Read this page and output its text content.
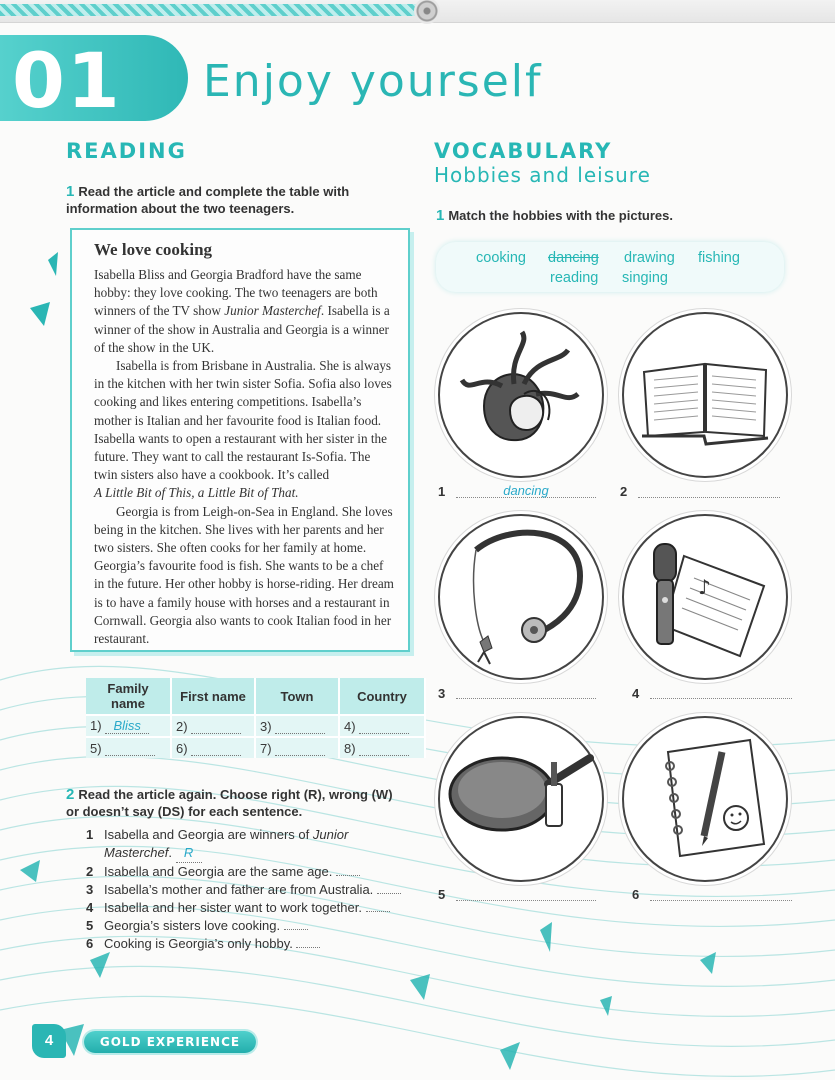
01 Enjoy yourself
READING
1 Read the article and complete the table with information about the two teenagers.
We love cooking

Isabella Bliss and Georgia Bradford have the same hobby: they love cooking. The two teenagers are both winners of the TV show Junior Masterchef. Isabella is a winner of the show in Australia and Georgia is a winner of the show in the UK.

Isabella is from Brisbane in Australia. She is always in the kitchen with her twin sister Sofia. Sofia also loves cooking and likes entering competitions. Isabella’s mother is Italian and her favourite food is Italian food. Isabella wants to open a restaurant with her sister in the future. They want to call the restaurant Is-Sofia. The twin sisters also have a cookbook. It’s called
A Little Bit of This, a Little Bit of That.

Georgia is from Leigh-on-Sea in England. She loves being in the kitchen. She lives with her parents and her two sisters. She often cooks for her family at home. Georgia’s favourite food is fish. She wants to be a chef in the future. Her other hobby is horse-riding. Her dream is to have a family house with horses and a restaurant in Cornwall. Georgia also wants to cook Italian food in her restaurant.

Family name	First name	Town	Country
1) Bliss	2)	3)	4)
5)	6)	7)	8)
2 Read the article again. Choose right (R), wrong (W) or doesn’t say (DS) for each sentence.
1 Isabella and Georgia are winners of Junior Masterchef. R
2 Isabella and Georgia are the same age.
3 Isabella’s mother and father are from Australia.
4 Isabella and her sister want to work together.
5 Georgia’s sisters love cooking.
6 Cooking is Georgia’s only hobby.
VOCABULARY
Hobbies and leisure
1 Match the hobbies with the pictures.
cooking dancing drawing fishing
reading singing
1	dancing	2
♪
3	4
5	6
4	GOLD EXPERIENCE
